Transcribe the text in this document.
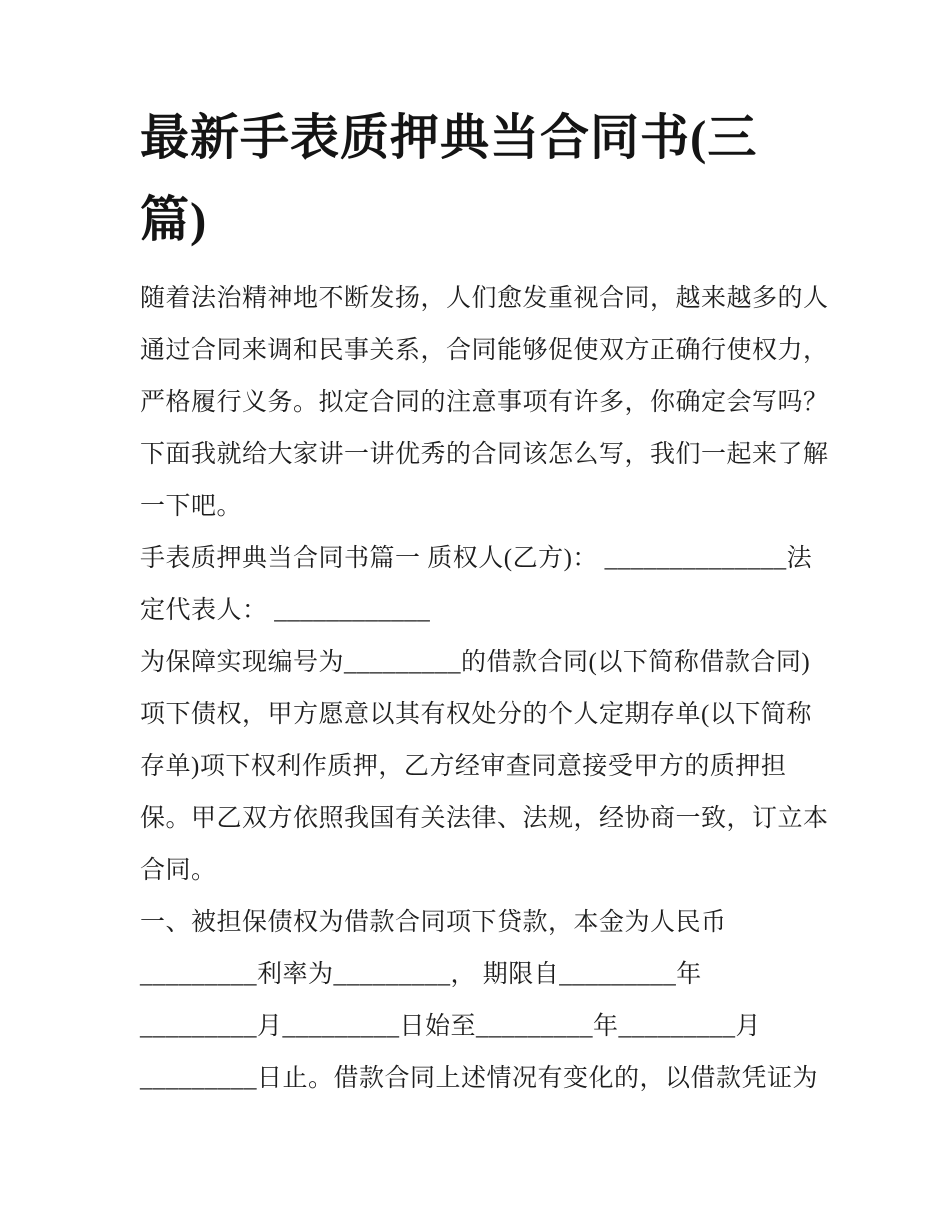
最新手表质押典当合同书(三
篇)
随着法治精神地不断发扬，人们愈发重视合同，越来越多的人
通过合同来调和民事关系，合同能够促使双方正确行使权力，
严格履行义务。拟定合同的注意事项有许多，你确定会写吗？
下面我就给大家讲一讲优秀的合同该怎么写，我们一起来了解
一下吧。
手表质押典当合同书篇一 质权人(乙方)： ______________法
定代表人： ____________
为保障实现编号为_________的借款合同(以下简称借款合同)
项下债权，甲方愿意以其有权处分的个人定期存单(以下简称
存单)项下权利作质押，乙方经审查同意接受甲方的质押担
保。甲乙双方依照我国有关法律、法规，经协商一致，订立本
合同。
一、被担保债权为借款合同项下贷款，本金为人民币
_________利率为_________， 期限自_________年
_________月_________日始至_________年_________月
_________日止。借款合同上述情况有变化的，以借款凭证为
